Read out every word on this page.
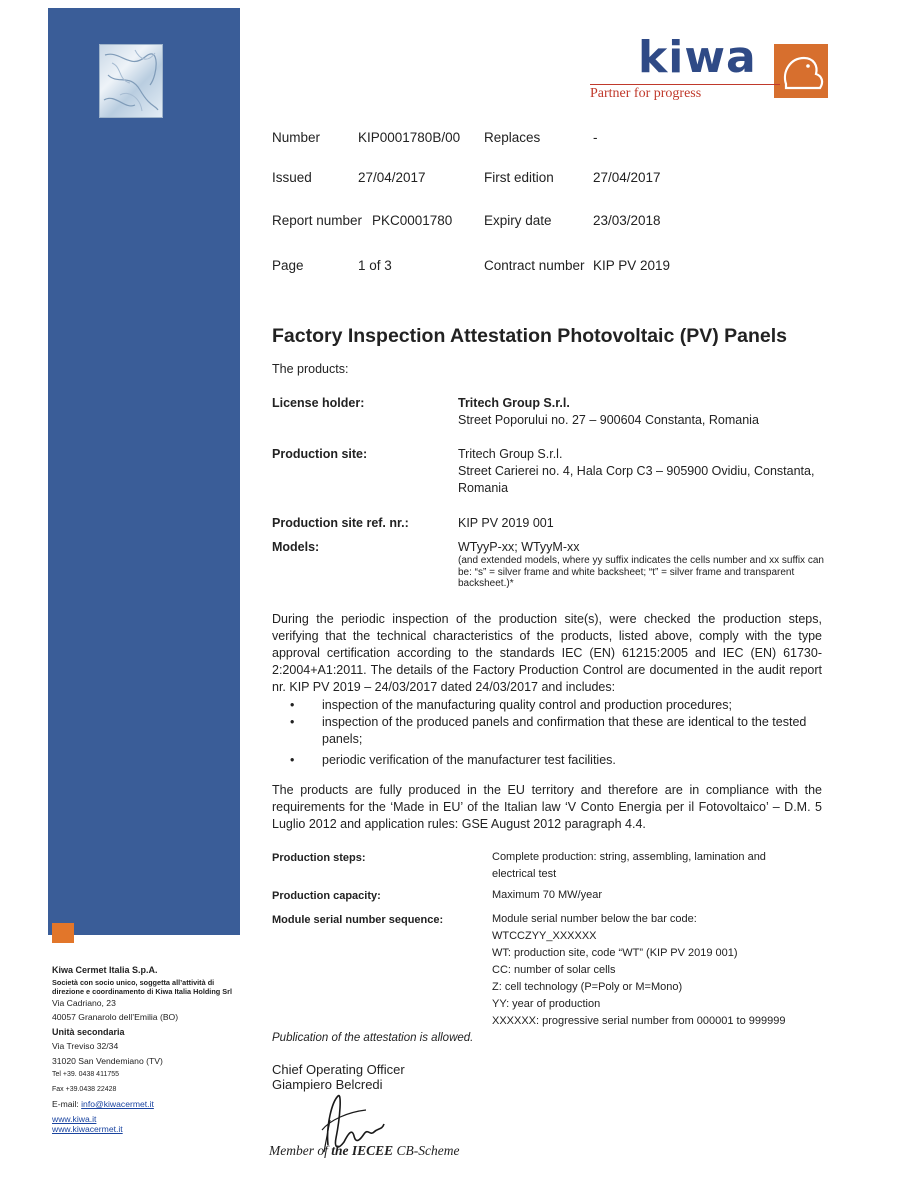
kiwa
Partner for progress
Number	KIP0001780B/00 Replaces	-
Issued	27/04/2017	First edition	27/04/2017
Report number PKC0001780 Expiry date	23/03/2018
Page	1 of 3	Contract number KIP PV 2019
Factory Inspection Attestation Photovoltaic (PV) Panels
The products:
License holder:	Tritech Group S.r.l.
Street Poporului no. 27 – 900604 Constanta, Romania
Production site:	Tritech Group S.r.l.
Street Carierei no. 4, Hala Corp C3 – 905900 Ovidiu, Constanta,
Romania
Production site ref. nr.:	KIP PV 2019 001
Models:	WTyyP-xx; WTyyM-xx
(and extended models, where yy suffix indicates the cells number and xx suffix can be: “s” = silver frame and white backsheet; “t” = silver frame and transparent backsheet.)*
During the periodic inspection of the production site(s), were checked the production steps, verifying that the technical characteristics of the products, listed above, comply with the type approval certification according to the standards IEC (EN) 61215:2005 and IEC (EN) 61730-2:2004+A1:2011. The details of the Factory Production Control are documented in the audit report nr. KIP PV 2019 – 24/03/2017 dated 24/03/2017 and includes:
•	inspection of the manufacturing quality control and production procedures;
•	inspection of the produced panels and confirmation that these are identical to the tested panels;
•	periodic verification of the manufacturer test facilities.
The products are fully produced in the EU territory and therefore are in compliance with the requirements for the ‘Made in EU’ of the Italian law ‘V Conto Energia per il Fotovoltaico’ – D.M. 5 Luglio 2012 and application rules: GSE August 2012 paragraph 4.4.
Production steps:	Complete production: string, assembling, lamination and
electrical test
Production capacity:	Maximum 70 MW/year
Module serial number sequence:	Module serial number below the bar code:
WTCCZYY_XXXXXX
WT: production site, code “WT” (KIP PV 2019 001)
CC: number of solar cells
Z: cell technology (P=Poly or M=Mono)
YY: year of production
XXXXXX: progressive serial number from 000001 to 999999
Kiwa Cermet Italia S.p.A.
Società con socio unico, soggetta all’attività di direzione e coordinamento di Kiwa Italia Holding Srl
Via Cadriano, 23
40057 Granarolo dell’Emilia (BO)
Unità secondaria
Via Treviso 32/34
31020 San Vendemiano (TV)
Tel +39. 0438 411755
Fax +39.0438 22428
E-mail: info@kiwacermet.it
www.kiwa.it
www.kiwacermet.it
Publication of the attestation is allowed.
Chief Operating Officer
Giampiero Belcredi
Member of the IECEE CB-Scheme
